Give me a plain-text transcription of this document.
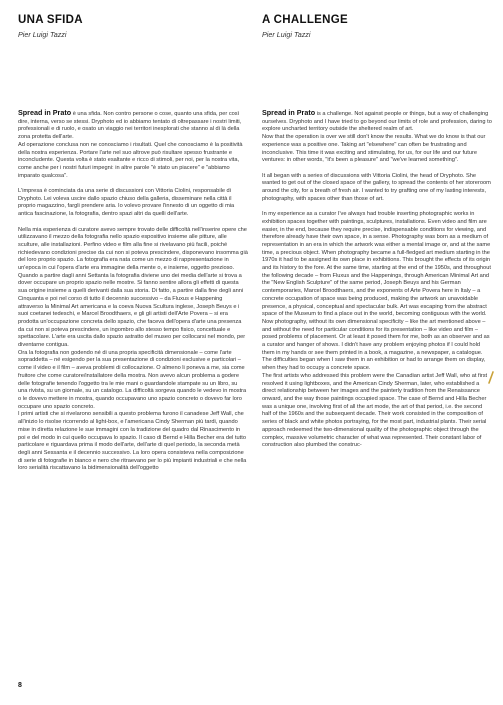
UNA SFIDA
Pier Luigi Tazzi

Spread in Prato è una sfida. Non contro persone o cose, quanto una sfida, per così dire, interna, verso se stessi. Dryphoto ed io abbiamo tentato di oltrepassare i nostri limiti, professionali e di ruolo, e osato un viaggio nei territori inesplorati che stanno al di là della zona protetta dell'arte.
Ad operazione conclusa non ne conosciamo i risultati. Quel che conosciamo è la positività della nostra esperienza. Portare l'arte nel suo altrove può risultare spesso frustrante e inconcludente. Questa volta è stato esaltante e ricco di stimoli, per noi, per la nostra vita, come anche per i nostri futuri impegni: in altre parole "è stato un piacere" e "abbiamo imparato qualcosa".

L'impresa è cominciata da una serie di discussioni con Vittoria Ciolini, responsabile di Dryphoto. Lei voleva uscire dallo spazio chiuso della galleria, disseminare nella città il proprio magazzino, fargli prendere aria. Io volevo provare l'innesto di un oggetto di mia antica fascinazione, la fotografia, dentro spazi altri da quelli dell'arte.

Nella mia esperienza di curatore avevo sempre trovato delle difficoltà nell'inserire opere che utilizzavano il mezzo della fotografia nello spazio espositivo insieme alle pitture, alle sculture, alle installazioni. Perfino video e film alla fine si rivelavano più facili, poiché richiedevano condizioni precise da cui non si poteva prescindere, disponevano insomma già del loro proprio spazio. La fotografia era nata come un mezzo di rappresentazione in un'epoca in cui l'opera d'arte era immagine della mente o, e insieme, oggetto prezioso. Quando a partire dagli anni Settanta la fotografia diviene uno dei media dell'arte si trova a dover occupare un proprio spazio nelle mostre. Si fanno sentire allora gli effetti di questa sua origine insieme a quelli derivanti dalla sua storia. Di fatto, a partire dalla fine degli anni Cinquanta e poi nel corso di tutto il decennio successivo – da Fluxus e Happening attraverso la Minimal Art americana e la coeva Nuova Scultura inglese, Joseph Beuys e i suoi coetanei tedeschi, e Marcel Broodthaers, e gli gli artisti dell'Arte Povera – si era prodotta un'occupazione concreta dello spazio, che faceva dell'opera d'arte una presenza da cui non si poteva prescindere, un ingombro allo stesso tempo fisico, concettuale e spettacolare. L'arte era uscita dallo spazio astratto del museo per collocarsi nel mondo, per diventarne contigua.
Ora la fotografia non godendo né di una propria specificità dimensionale – come l'arte sopraddetta – né esigendo per la sua presentazione di condizioni esclusive e particolari – come il video e il film – aveva problemi di collocazione. O almeno li poneva a me, sia come fruitore che come curatore/installatore della mostra. Non avevo alcun problema a godere delle fotografie tenendo l'oggetto tra le mie mani o guardandole stampate su un libro, su una rivista, su un giornale, su un catalogo. La difficoltà sorgeva quando le vedevo in mostra o le dovevo mettere in mostra, quando occupavano uno spazio concreto o dovevo far loro occupare uno spazio concreto.
I primi artisti che si rivelarono sensibili a questo problema furono il canadese Jeff Wall, che all'inizio lo risolse ricorrendo al light-box, e l'americana Cindy Sherman più tardi, quando mise in diretta relazione le sue immagini con la tradizione del quadro dal Rinascimento in poi e del modo in cui quello occupava lo spazio. Il caso di Bernd e Hilla Becher era del tutto particolare e riguardava prima il modo dell'arte, dell'arte di quel periodo, la seconda metà degli anni Sessanta e il decennio successivo. La loro opera consisteva nella composizione di serie di fotografie in bianco e nero che ritraevano per lo più impianti industriali e che nella loro serialità riscattavano la bidimensionalità dell'oggetto

A CHALLENGE
Pier Luigi Tazzi

Spread in Prato is a challenge. Not against people or things, but a way of challenging ourselves. Dryphoto and I have tried to go beyond our limits of role and profession, daring to explore uncharted territory outside the sheltered realm of art.
Now that the operation is over we still don't know the results. What we do know is that our experience was a positive one. Taking art "elsewhere" can often be frustrating and inconclusive. This time it was exciting and stimulating, for us, for our life and our future ventures: in other words, "it's been a pleasure" and "we've learned something".

It all began with a series of discussions with Vittoria Ciolini, the head of Dryphoto. She wanted to get out of the closed space of the gallery, to spread the contents of her storeroom around the city, for a breath of fresh air. I wanted to try grafting one of my lasting interests, photography, with spaces other than those of art.

In my experience as a curator I've always had trouble inserting photographic works in exhibition spaces together with paintings, sculptures, installations. Even video and film are easier, in the end, because they require precise, indispensable conditions for viewing, and therefore already have their own space, in a sense. Photography was born as a medium of representation in an era in which the artwork was either a mental image or, and at the same time, a precious object. When photography became a full-fledged art medium starting in the 1970s it had to be assigned its own place in exhibitions. This brought the effects of its origin and its history to the fore. At the same time, starting at the end of the 1950s, and throughout the following decade – from Fluxus and the Happenings, through American Minimal Art and the "New English Sculpture" of the same period, Joseph Beuys and his German contemporaries, Marcel Broodthaers, and the exponents of Arte Povera here in Italy – a concrete occupation of space was being produced, making the artwork an unavoidable presence, a physical, conceptual and spectacular bulk. Art was escaping from the abstract space of the Museum to find a place out in the world, becoming contiguous with the world.
Now photography, without its own dimensional specificity – like the art mentioned above – and without the need for particular conditions for its presentation – like video and film – posed problems of placement. Or at least it posed them for me, both as an observer and as a curator and hanger of shows. I didn't have any problem enjoying photos if I could hold them in my hands or see them printed in a book, a magazine, a newspaper, a catalogue. The difficulties began when I saw them in an exhibition or had to arrange them on display, when they had to occupy a concrete space.
The first artists who addressed this problem were the Canadian artist Jeff Wall, who at first resolved it using lightboxes, and the American Cindy Sherman, later, who established a direct relationship between her images and the painterly tradition from the Renaissance onward, and the way those paintings occupied space. The case of Bernd and Hilla Becher was a unique one, involving first of all the art mode, the art of that period, i.e. the second half of the 1960s and the subsequent decade. Their work consisted in the composition of series of black and white photos portraying, for the most part, industrial plants. Their serial approach redeemed the two-dimensional quality of the photographic object through the complex, massive volumetric character of what was represented. Their constant labor of construction also plumbed the construc-

8
